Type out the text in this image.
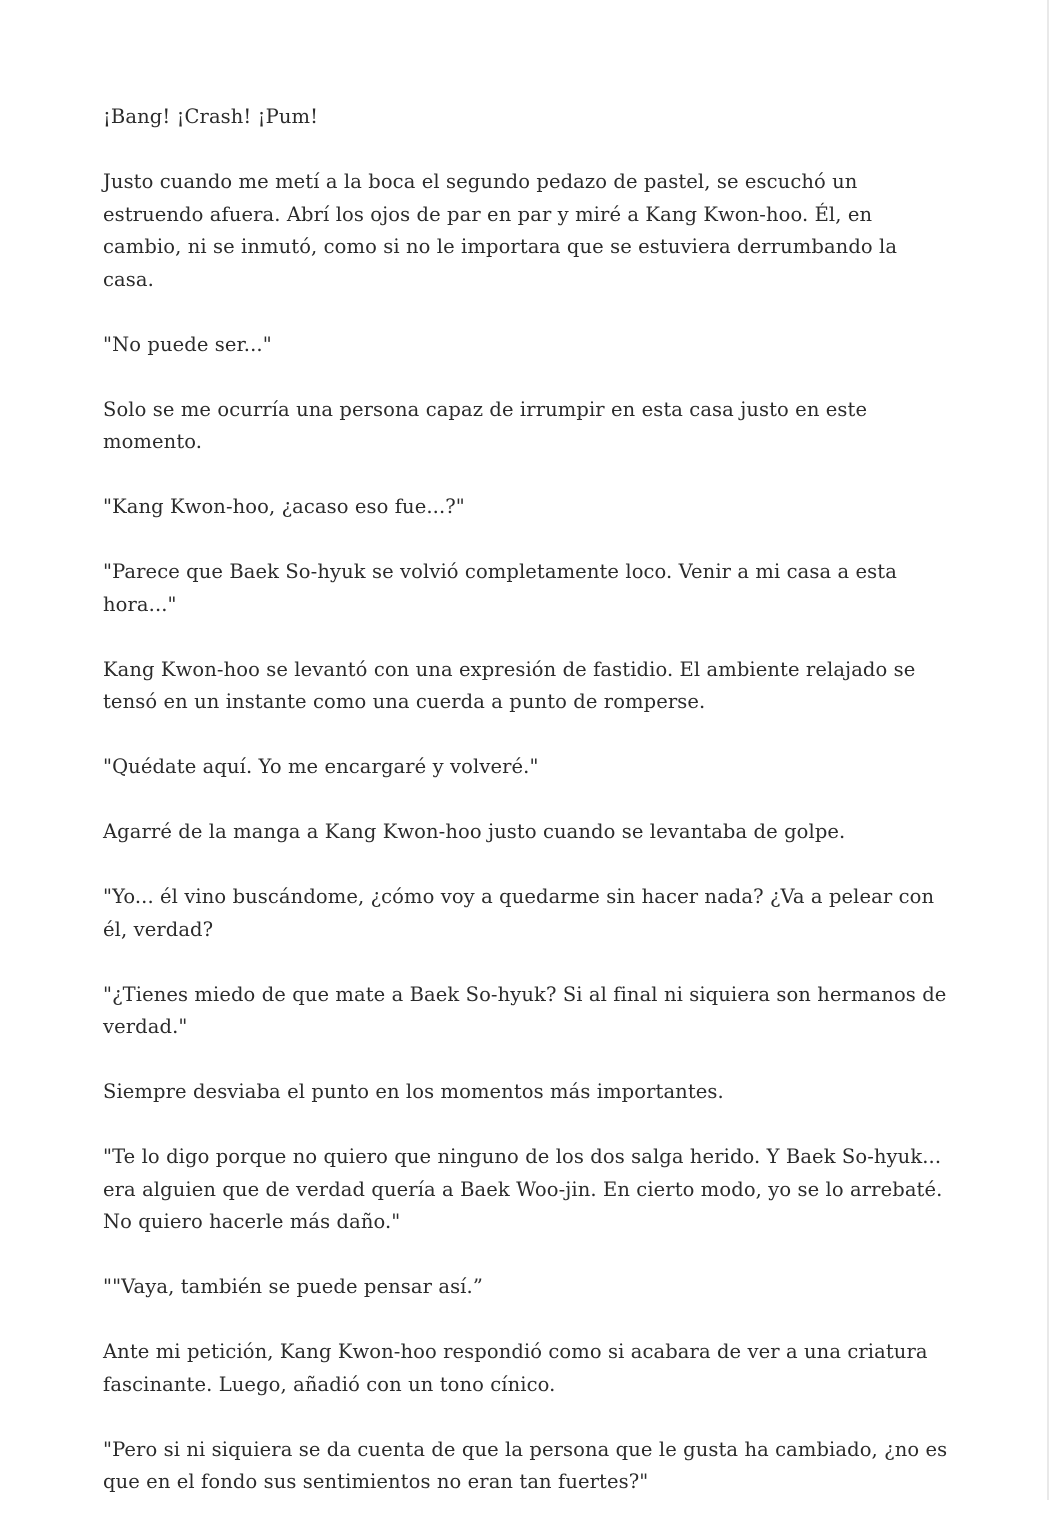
¡Bang! ¡Crash! ¡Pum!

Justo cuando me metí a la boca el segundo pedazo de pastel, se escuchó un estruendo afuera. Abrí los ojos de par en par y miré a Kang Kwon-hoo. Él, en cambio, ni se inmutó, como si no le importara que se estuviera derrumbando la casa.

"No puede ser..."

Solo se me ocurría una persona capaz de irrumpir en esta casa justo en este momento.

"Kang Kwon-hoo, ¿acaso eso fue...?"

"Parece que Baek So-hyuk se volvió completamente loco. Venir a mi casa a esta hora..."

Kang Kwon-hoo se levantó con una expresión de fastidio. El ambiente relajado se tensó en un instante como una cuerda a punto de romperse.

"Quédate aquí. Yo me encargaré y volveré."

Agarré de la manga a Kang Kwon-hoo justo cuando se levantaba de golpe.

"Yo... él vino buscándome, ¿cómo voy a quedarme sin hacer nada? ¿Va a pelear con él, verdad?

"¿Tienes miedo de que mate a Baek So-hyuk? Si al final ni siquiera son hermanos de verdad."

Siempre desviaba el punto en los momentos más importantes.

"Te lo digo porque no quiero que ninguno de los dos salga herido. Y Baek So-hyuk... era alguien que de verdad quería a Baek Woo-jin. En cierto modo, yo se lo arrebaté. No quiero hacerle más daño."

""Vaya, también se puede pensar así.”

Ante mi petición, Kang Kwon-hoo respondió como si acabara de ver a una criatura fascinante. Luego, añadió con un tono cínico.

"Pero si ni siquiera se da cuenta de que la persona que le gusta ha cambiado, ¿no es que en el fondo sus sentimientos no eran tan fuertes?"
